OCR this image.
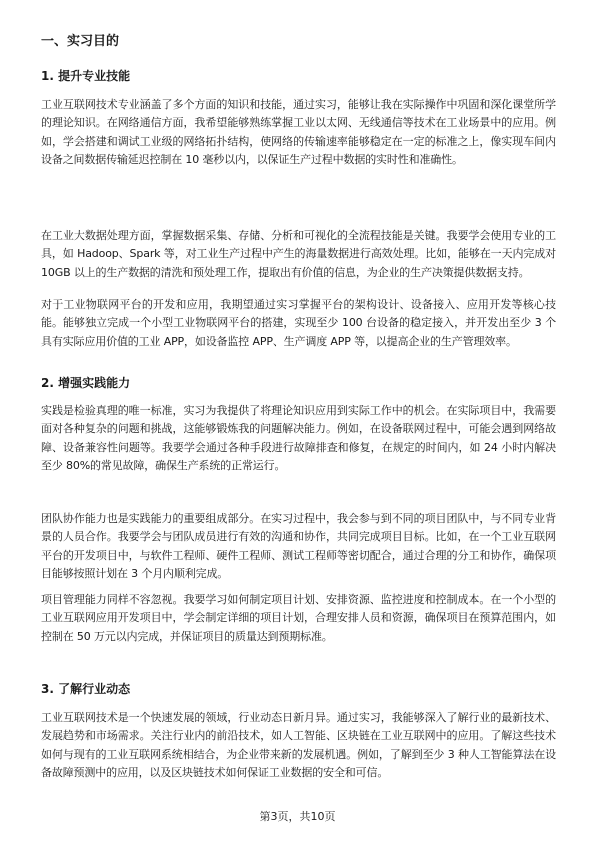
一、实习目的
1. 提升专业技能
工业互联网技术专业涵盖了多个方面的知识和技能，通过实习，能够让我在实际操作中巩固和深化课堂所学的理论知识。在网络通信方面，我希望能够熟练掌握工业以太网、无线通信等技术在工业场景中的应用。例如，学会搭建和调试工业级的网络拓扑结构，使网络的传输速率能够稳定在一定的标准之上，像实现车间内设备之间数据传输延迟控制在 10 毫秒以内，以保证生产过程中数据的实时性和准确性。
在工业大数据处理方面，掌握数据采集、存储、分析和可视化的全流程技能是关键。我要学会使用专业的工具，如 Hadoop、Spark 等，对工业生产过程中产生的海量数据进行高效处理。比如，能够在一天内完成对 10GB 以上的生产数据的清洗和预处理工作，提取出有价值的信息，为企业的生产决策提供数据支持。
对于工业物联网平台的开发和应用，我期望通过实习掌握平台的架构设计、设备接入、应用开发等核心技能。能够独立完成一个小型工业物联网平台的搭建，实现至少 100 台设备的稳定接入，并开发出至少 3 个具有实际应用价值的工业 APP，如设备监控 APP、生产调度 APP 等，以提高企业的生产管理效率。
2. 增强实践能力
实践是检验真理的唯一标准，实习为我提供了将理论知识应用到实际工作中的机会。在实际项目中，我需要面对各种复杂的问题和挑战，这能够锻炼我的问题解决能力。例如，在设备联网过程中，可能会遇到网络故障、设备兼容性问题等。我要学会通过各种手段进行故障排查和修复，在规定的时间内，如 24 小时内解决至少 80%的常见故障，确保生产系统的正常运行。
团队协作能力也是实践能力的重要组成部分。在实习过程中，我会参与到不同的项目团队中，与不同专业背景的人员合作。我要学会与团队成员进行有效的沟通和协作，共同完成项目目标。比如，在一个工业互联网平台的开发项目中，与软件工程师、硬件工程师、测试工程师等密切配合，通过合理的分工和协作，确保项目能够按照计划在 3 个月内顺利完成。
项目管理能力同样不容忽视。我要学习如何制定项目计划、安排资源、监控进度和控制成本。在一个小型的工业互联网应用开发项目中，学会制定详细的项目计划，合理安排人员和资源，确保项目在预算范围内，如控制在 50 万元以内完成，并保证项目的质量达到预期标准。
3. 了解行业动态
工业互联网技术是一个快速发展的领域，行业动态日新月异。通过实习，我能够深入了解行业的最新技术、发展趋势和市场需求。关注行业内的前沿技术，如人工智能、区块链在工业互联网中的应用。了解这些技术如何与现有的工业互联网系统相结合，为企业带来新的发展机遇。例如，了解到至少 3 种人工智能算法在设备故障预测中的应用，以及区块链技术如何保证工业数据的安全和可信。
第3页，共10页
